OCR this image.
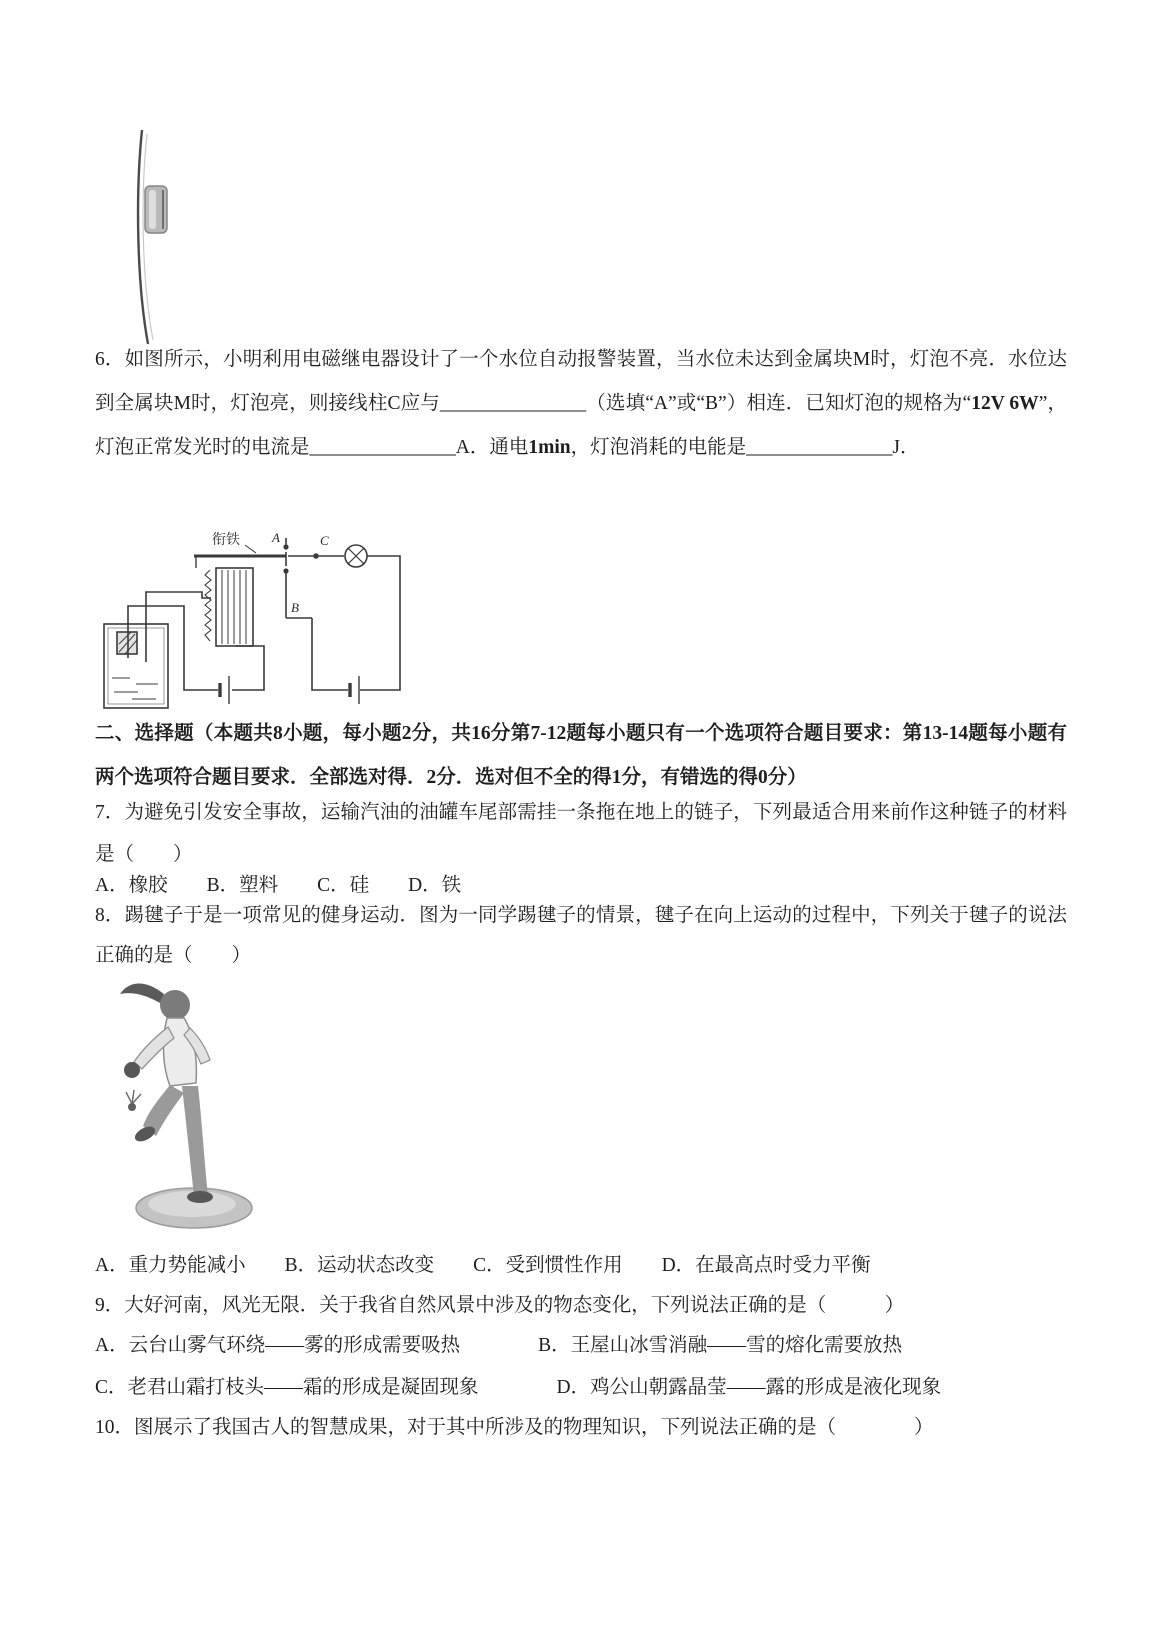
6．如图所示，小明利用电磁继电器设计了一个水位自动报警装置，当水位未达到金属块M时，灯泡不亮．水位达到全属块M时，灯泡亮，则接线柱C应与_______________（选填“A”或“B”）相连．已知灯泡的规格为“12V 6W”，灯泡正常发光时的电流是_______________A．通电1min，灯泡消耗的电能是_______________J．

衔铁 A
B
C

二、选择题（本题共8小题，每小题2分，共16分第7-12题每小题只有一个选项符合题目要求：第13-14题每小题有两个选项符合题目要求．全部选对得．2分．选对但不全的得1分，有错选的得0分）

7．为避免引发安全事故，运输汽油的油罐车尾部需挂一条拖在地上的链子，下列最适合用来前作这种链子的材料是（　　）

A．橡胶　　B．塑料　　C．硅　　D．铁

8．踢毽子于是一项常见的健身运动．图为一同学踢毽子的情景，毽子在向上运动的过程中，下列关于毽子的说法正确的是（　　）

A．重力势能减小　　B．运动状态改变　　C．受到惯性作用　　D．在最高点时受力平衡

9．大好河南，风光无限．关于我省自然风景中涉及的物态变化，下列说法正确的是（　　　）

A．云台山雾气环绕——雾的形成需要吸热　　　　B．王屋山冰雪消融——雪的熔化需要放热

C．老君山霜打枝头——霜的形成是凝固现象　　　　D．鸡公山朝露晶莹——露的形成是液化现象

10．图展示了我国古人的智慧成果，对于其中所涉及的物理知识，下列说法正确的是（　　　　）
